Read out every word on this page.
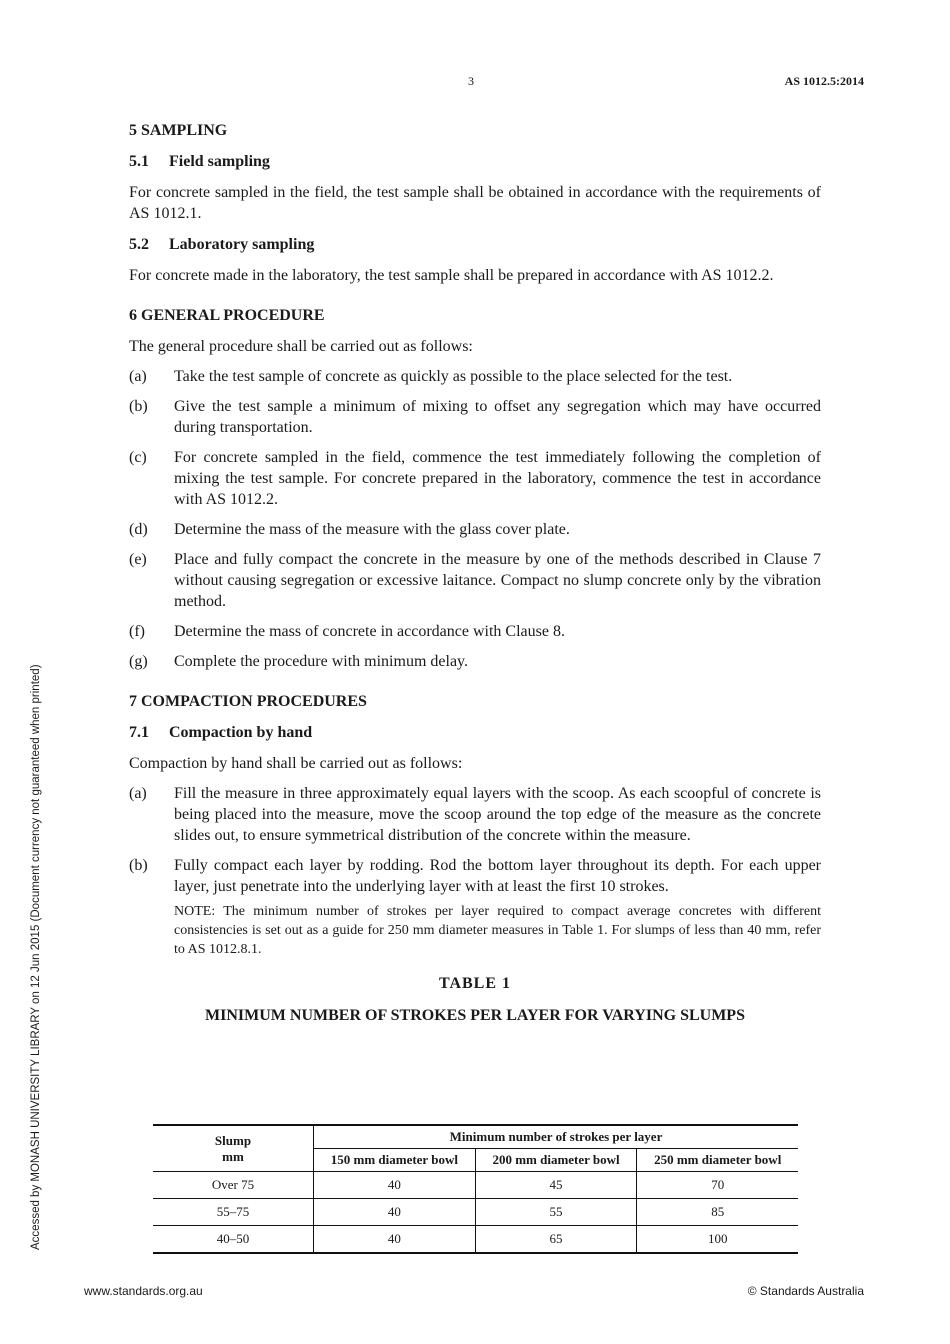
3	AS 1012.5:2014
Accessed by MONASH UNIVERSITY LIBRARY on 12 Jun 2015 (Document currency not guaranteed when printed)
5 SAMPLING
5.1 Field sampling

For concrete sampled in the field, the test sample shall be obtained in accordance with the requirements of AS 1012.1.

5.2 Laboratory sampling

For concrete made in the laboratory, the test sample shall be prepared in accordance with AS 1012.2.

6 GENERAL PROCEDURE

The general procedure shall be carried out as follows:

(a)	Take the test sample of concrete as quickly as possible to the place selected for the test.
(b)	Give the test sample a minimum of mixing to offset any segregation which may have occurred during transportation.
(c)	For concrete sampled in the field, commence the test immediately following the completion of mixing the test sample. For concrete prepared in the laboratory, commence the test in accordance with AS 1012.2.
(d)	Determine the mass of the measure with the glass cover plate.
(e)	Place and fully compact the concrete in the measure by one of the methods described in Clause 7 without causing segregation or excessive laitance. Compact no slump concrete only by the vibration method.
(f)	Determine the mass of concrete in accordance with Clause 8.
(g)	Complete the procedure with minimum delay.
7 COMPACTION PROCEDURES
7.1 Compaction by hand

Compaction by hand shall be carried out as follows:

(a)	Fill the measure in three approximately equal layers with the scoop. As each scoopful of concrete is being placed into the measure, move the scoop around the top edge of the measure as the concrete slides out, to ensure symmetrical distribution of the concrete within the measure.
(b)	Fully compact each layer by rodding. Rod the bottom layer throughout its depth. For each upper layer, just penetrate into the underlying layer with at least the first 10 strokes.
NOTE: The minimum number of strokes per layer required to compact average concretes with different consistencies is set out as a guide for 250 mm diameter measures in Table 1. For slumps of less than 40 mm, refer to AS 1012.8.1.
TABLE 1
MINIMUM NUMBER OF STROKES PER LAYER FOR VARYING SLUMPS
Slump
mm	Minimum number of strokes per layer		
	150 mm diameter bowl	200 mm diameter bowl	250 mm diameter bowl
Over 75	40	45	70
55–75	40	55	85
40–50	40	65	100
www.standards.org.au	© Standards Australia
